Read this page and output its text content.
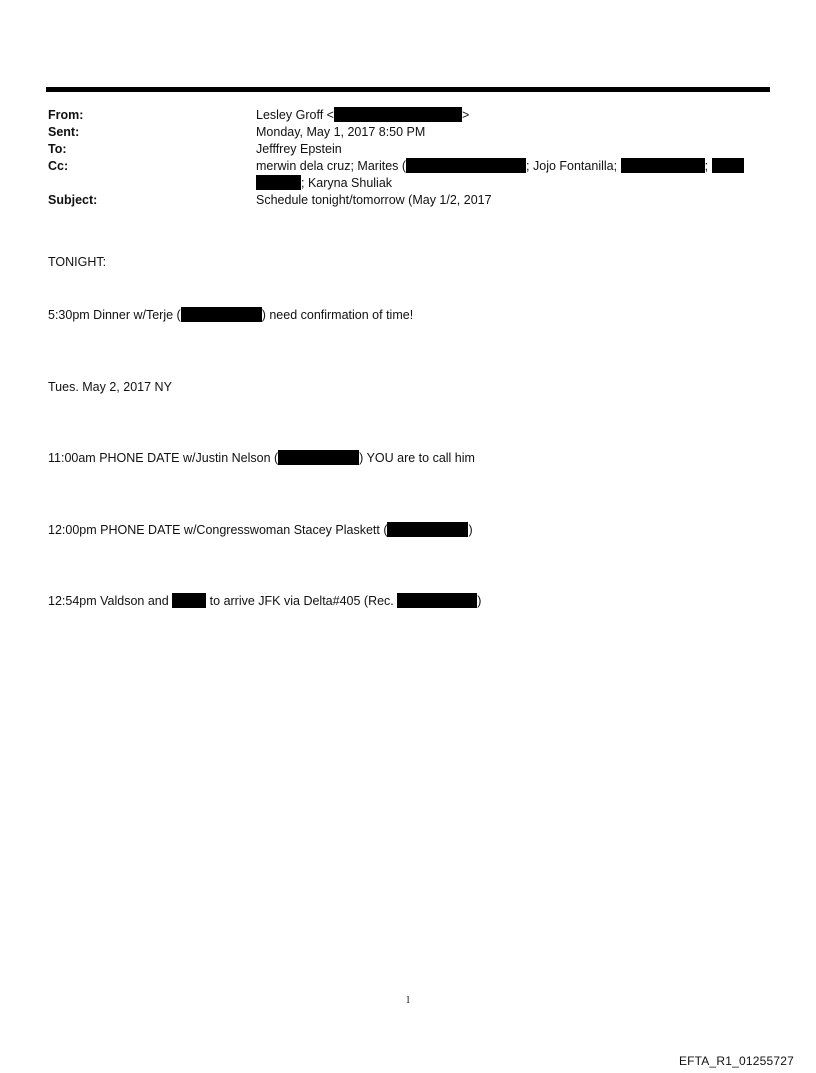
From:	Lesley Groff <	>
Sent:	Monday, May 1, 2017 8:50 PM
To:	Jefffrey Epstein
Cc:	merwin dela cruz; Marites (	; Jojo Fontanilla;	;
; Karyna Shuliak
Subject:	Schedule tonight/tomorrow (May 1/2, 2017
TONIGHT:
5:30pm Dinner w/Terje (	) need confirmation of time!
Tues. May 2, 2017 NY
11:00am PHONE DATE w/Justin Nelson (	) YOU are to call him
12:00pm PHONE DATE w/Congresswoman Stacey Plaskett (	)
12:54pm Valdson and	to arrive JFK via Delta#405 (Rec.	)
1
EFTA_R1_01255727
